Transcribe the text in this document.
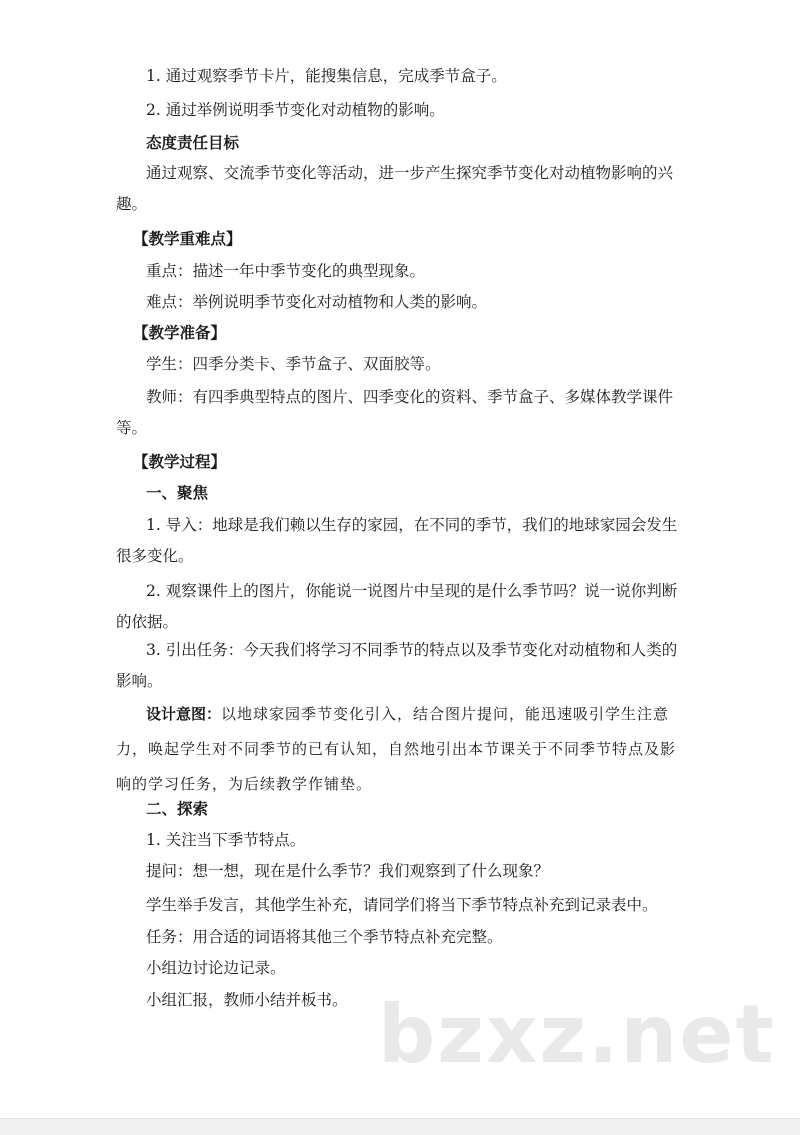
1. 通过观察季节卡片，能搜集信息，完成季节盒子。
2. 通过举例说明季节变化对动植物的影响。
态度责任目标
通过观察、交流季节变化等活动，进一步产生探究季节变化对动植物影响的兴趣。
【教学重难点】
重点：描述一年中季节变化的典型现象。
难点：举例说明季节变化对动植物和人类的影响。
【教学准备】
学生：四季分类卡、季节盒子、双面胶等。
教师：有四季典型特点的图片、四季变化的资料、季节盒子、多媒体教学课件等。
【教学过程】
一、聚焦
1. 导入：地球是我们赖以生存的家园，在不同的季节，我们的地球家园会发生很多变化。
2. 观察课件上的图片，你能说一说图片中呈现的是什么季节吗？说一说你判断的依据。
3. 引出任务：今天我们将学习不同季节的特点以及季节变化对动植物和人类的影响。
设计意图：以地球家园季节变化引入，结合图片提问，能迅速吸引学生注意力，唤起学生对不同季节的已有认知，自然地引出本节课关于不同季节特点及影响的学习任务，为后续教学作铺垫。
二、探索
1. 关注当下季节特点。
提问：想一想，现在是什么季节？我们观察到了什么现象？
学生举手发言，其他学生补充，请同学们将当下季节特点补充到记录表中。
任务：用合适的词语将其他三个季节特点补充完整。
小组边讨论边记录。
小组汇报，教师小结并板书。 bzxz.net
